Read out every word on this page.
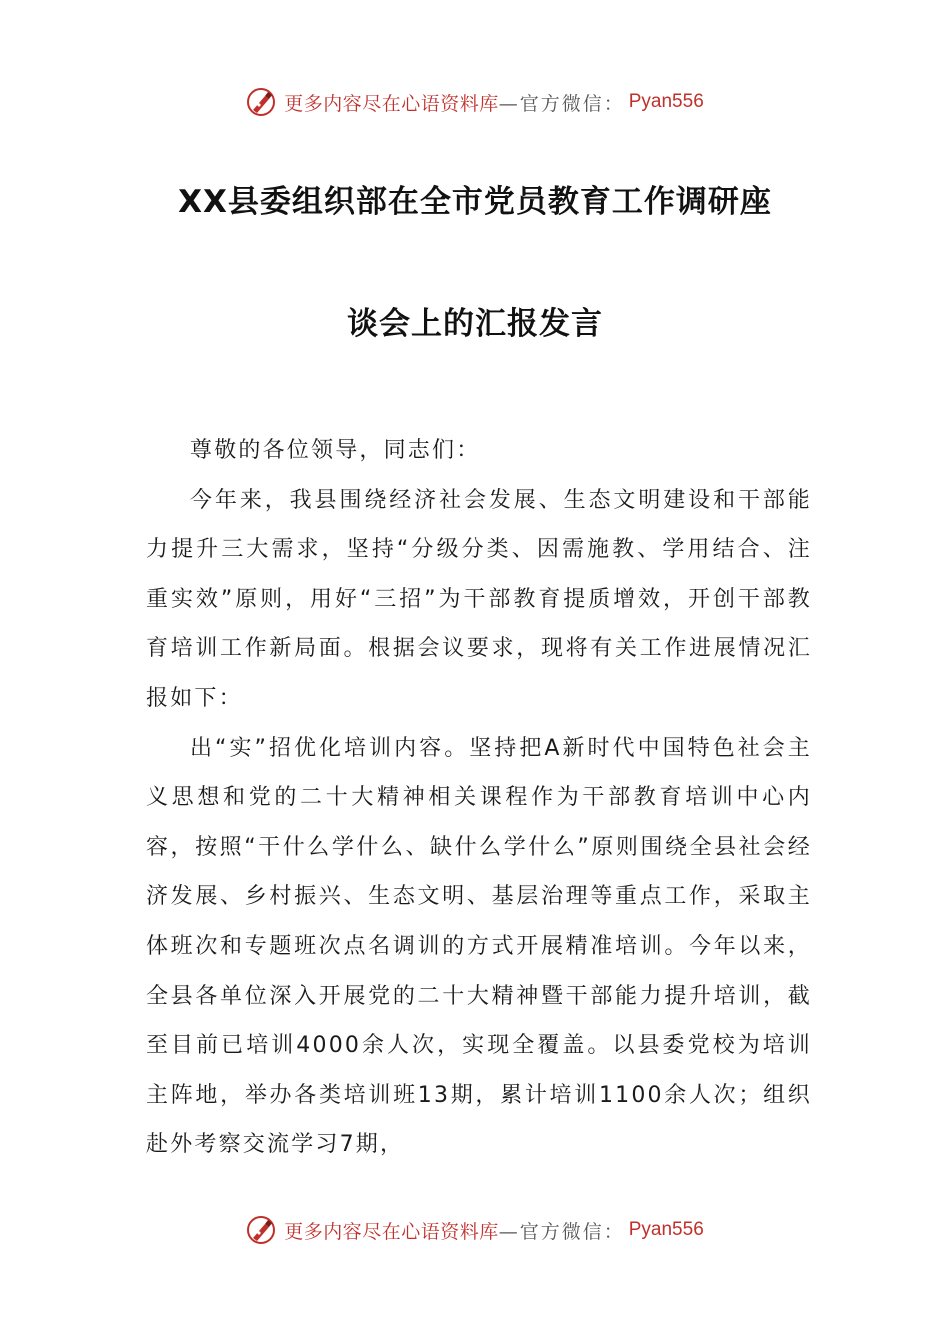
更多内容尽在心语资料库 —官方微信： Pyan556
XX县委组织部在全市党员教育工作调研座
谈会上的汇报发言

尊敬的各位领导，同志们：

今年来，我县围绕经济社会发展、生态文明建设和干部能力提升三大需求，坚持“分级分类、因需施教、学用结合、注重实效”原则，用好“三招”为干部教育提质增效，开创干部教育培训工作新局面。根据会议要求，现将有关工作进展情况汇报如下：

出“实”招优化培训内容。坚持把A新时代中国特色社会主义思想和党的二十大精神相关课程作为干部教育培训中心内容，按照“干什么学什么、缺什么学什么”原则围绕全县社会经济发展、乡村振兴、生态文明、基层治理等重点工作，采取主体班次和专题班次点名调训的方式开展精准培训。今年以来，全县各单位深入开展党的二十大精神暨干部能力提升培训，截至目前已培训4000余人次，实现全覆盖。以县委党校为培训主阵地，举办各类培训班13期，累计培训1100余人次；组织赴外考察交流学习7期，

更多内容尽在心语资料库 —官方微信： Pyan556
